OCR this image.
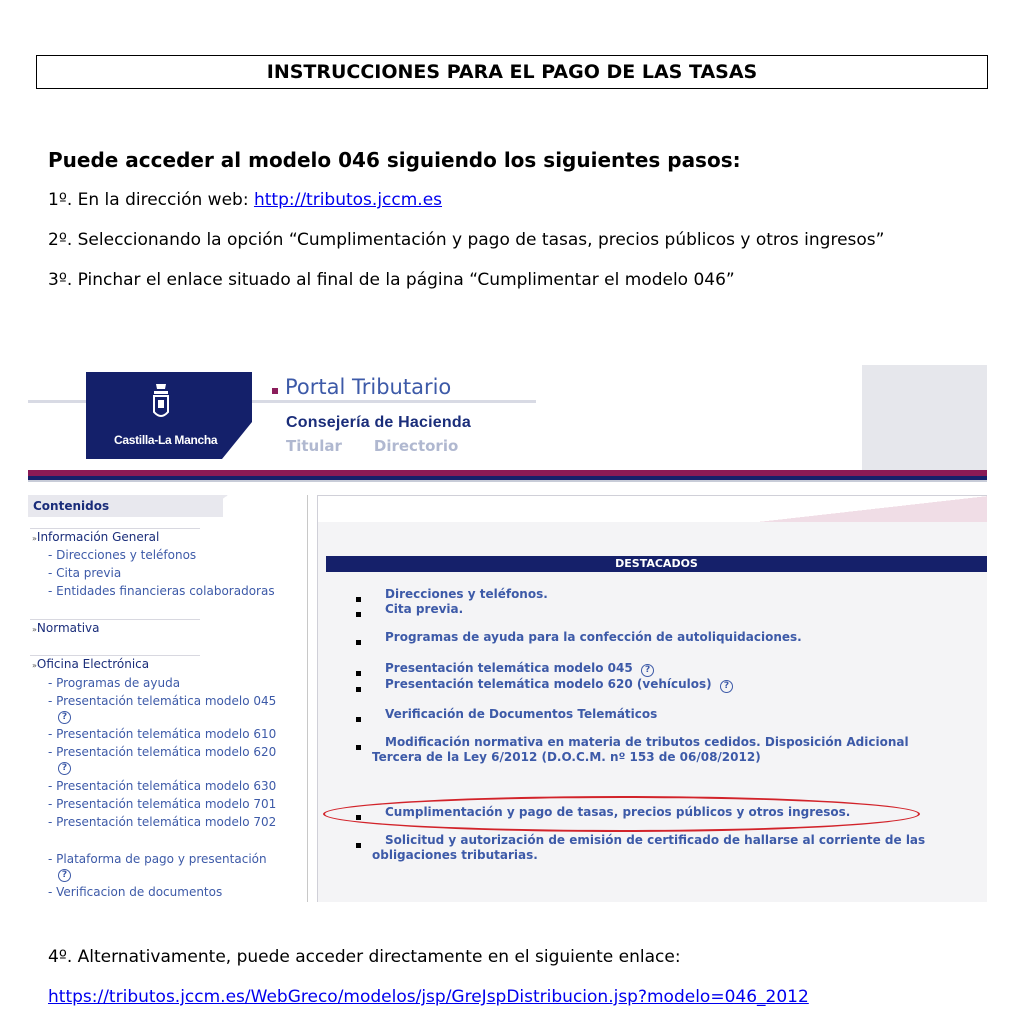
INSTRUCCIONES PARA EL PAGO DE LAS TASAS
Puede acceder al modelo 046 siguiendo los siguientes pasos:
1º. En la dirección web: http://tributos.jccm.es
2º. Seleccionando la opción “Cumplimentación y pago de tasas, precios públicos y otros ingresos”
3º. Pinchar el enlace situado al final de la página “Cumplimentar el modelo 046”
Castilla-La Mancha
Portal Tributario
Consejería de Hacienda
Titular Directorio
Contenidos
»Información General
- Direcciones y teléfonos
- Cita previa
- Entidades financieras colaboradoras
»Normativa
»Oficina Electrónica
- Programas de ayuda
- Presentación telemática modelo 045
?
- Presentación telemática modelo 610
- Presentación telemática modelo 620
?
- Presentación telemática modelo 630
- Presentación telemática modelo 701
- Presentación telemática modelo 702
- Plataforma de pago y presentación
?
- Verificacion de documentos
DESTACADOS
Direcciones y teléfonos.
Cita previa.
Programas de ayuda para la confección de autoliquidaciones.
Presentación telemática modelo 045 ?
Presentación telemática modelo 620 (vehículos) ?
Verificación de Documentos Telemáticos
Modificación normativa en materia de tributos cedidos. Disposición Adicional
Tercera de la Ley 6/2012 (D.O.C.M. nº 153 de 06/08/2012)
Cumplimentación y pago de tasas, precios públicos y otros ingresos.
Solicitud y autorización de emisión de certificado de hallarse al corriente de las
obligaciones tributarias.
4º. Alternativamente, puede acceder directamente en el siguiente enlace:
https://tributos.jccm.es/WebGreco/modelos/jsp/GreJspDistribucion.jsp?modelo=046_2012
